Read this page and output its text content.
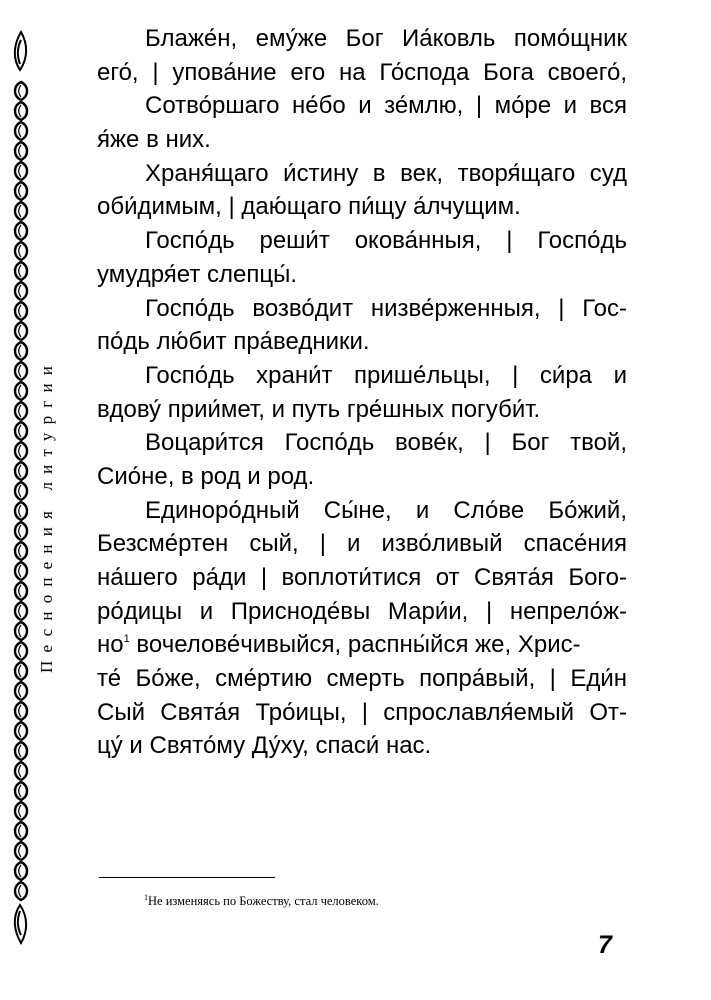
Песнопения литургии
Блаже́н, ему́же Бог Иа́ковль помо́щник
его́, | упова́ние его на Го́спода Бога своего́,
Сотво́ршаго не́бо и зе́млю, | мо́ре и вся
я́же в них.
Храня́щаго и́стину в век, творя́щаго суд
оби́димым, | даю́щаго пи́щу а́лчущим.
Госпо́дь реши́т окова́нныя, | Госпо́дь
умудря́ет слепцы́.
Госпо́дь возво́дит низве́рженныя, | Гос-
по́дь лю́бит пра́ведники.
Госпо́дь храни́т прише́льцы, | си́ра и
вдову́ прии́мет, и путь гре́шных погуби́т.
Воцари́тся Госпо́дь вове́к, | Бог твой,
Сио́не, в род и род.
Единоро́дный Сы́не, и Сло́ве Бо́жий,
Безсме́ртен сый, | и изво́ливый спасе́ния
на́шего ра́ди | воплоти́тися от Свята́я Бого-
ро́дицы и Присноде́вы Мари́и, | непрело́ж-
$но^1$ вочелове́чивыйся, распны́йся же, Хрис-
те́ Бо́же, сме́ртию смерть попра́вый, | Еди́н
Сый Свята́я Тро́ицы, | спрославля́емый От-
цу́ и Свято́му Ду́ху, спаси́ нас.
$^1$Не изменяясь по Божеству, стал человеком.
7
